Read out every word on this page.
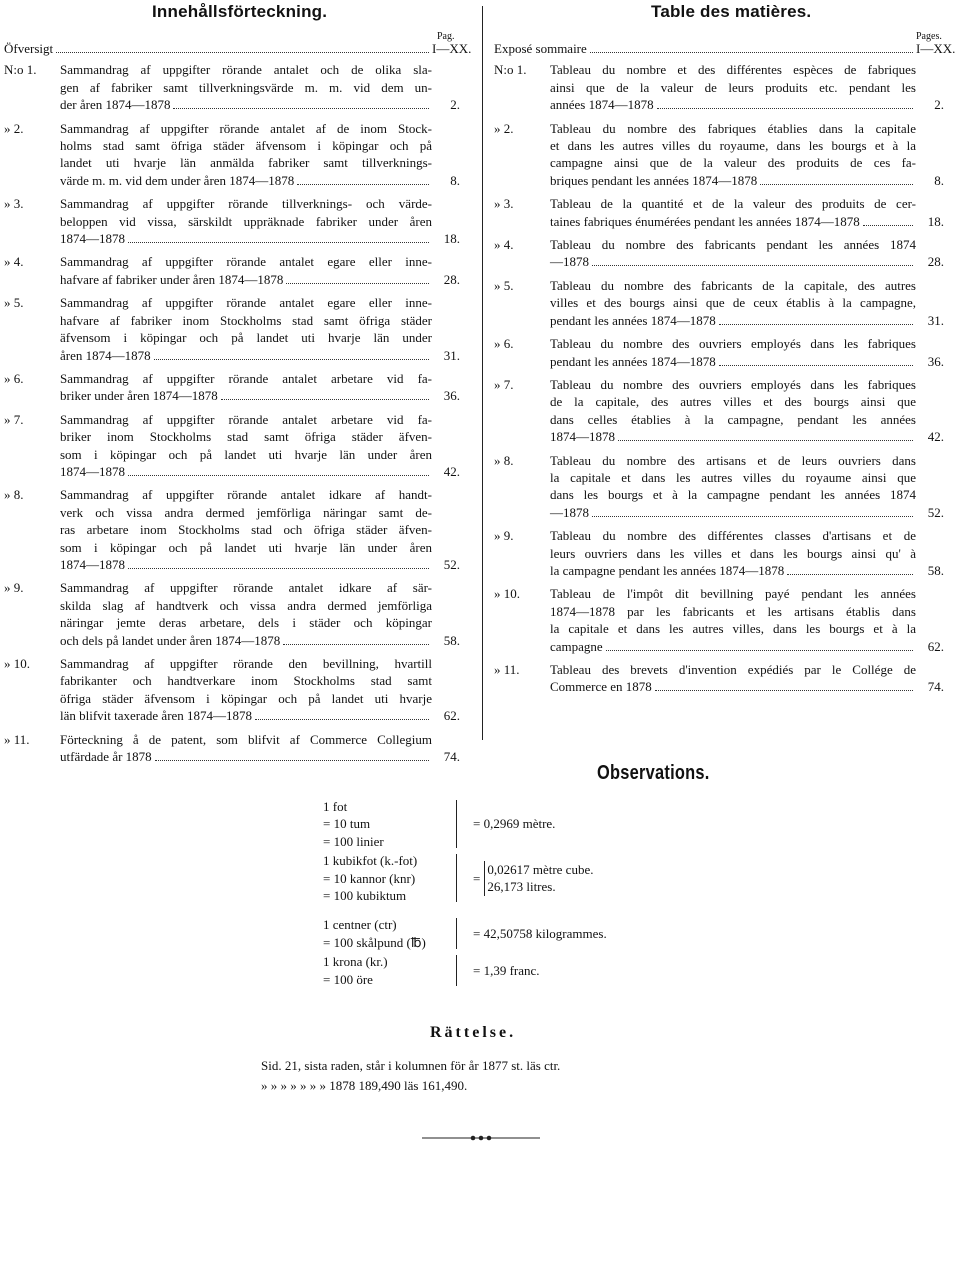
Innehållsförteckning.
Pag.
Öfversigt	I—XX.
N:o 1.	Sammandrag af uppgifter rörande antalet och de olika sla-
gen af fabriker samt tillverkningsvärde m. m. vid dem un-
der åren 1874—1878	2.
» 2.	Sammandrag af uppgifter rörande antalet af de inom Stock-
holms stad samt öfriga städer äfvensom i köpingar och på
landet uti hvarje län anmälda fabriker samt tillverknings-
värde m. m. vid dem under åren 1874—1878	8.
» 3.	Sammandrag af uppgifter rörande tillverknings- och värde-
beloppen vid vissa, särskildt uppräknade fabriker under åren
1874—1878	18.
» 4.	Sammandrag af uppgifter rörande antalet egare eller inne-
hafvare af fabriker under åren 1874—1878	28.
» 5.	Sammandrag af uppgifter rörande antalet egare eller inne-
hafvare af fabriker inom Stockholms stad samt öfriga städer
äfvensom i köpingar och på landet uti hvarje län under
åren 1874—1878	31.
» 6.	Sammandrag af uppgifter rörande antalet arbetare vid fa-
briker under åren 1874—1878	36.
» 7.	Sammandrag af uppgifter rörande antalet arbetare vid fa-
briker inom Stockholms stad samt öfriga städer äfven-
som i köpingar och på landet uti hvarje län under åren
1874—1878	42.
» 8.	Sammandrag af uppgifter rörande antalet idkare af handt-
verk och vissa andra dermed jemförliga näringar samt de-
ras arbetare inom Stockholms stad och öfriga städer äfven-
som i köpingar och på landet uti hvarje län under åren
1874—1878	52.
» 9.	Sammandrag af uppgifter rörande antalet idkare af sär-
skilda slag af handtverk och vissa andra dermed jemförliga
näringar jemte deras arbetare, dels i städer och köpingar
och dels på landet under åren 1874—1878	58.
» 10.	Sammandrag af uppgifter rörande den bevillning, hvartill
fabrikanter och handtverkare inom Stockholms stad samt
öfriga städer äfvensom i köpingar och på landet uti hvarje
län blifvit taxerade åren 1874—1878	62.
» 11.	Förteckning å de patent, som blifvit af Commerce Collegium
utfärdade år 1878	74.
Table des matières.
Pages.
Exposé sommaire	I—XX.
N:o 1.	Tableau du nombre et des différentes espèces de fabriques
ainsi que de la valeur de leurs produits etc. pendant les
années 1874—1878	2.
» 2.	Tableau du nombre des fabriques établies dans la capitale
et dans les autres villes du royaume, dans les bourgs et à la
campagne ainsi que de la valeur des produits de ces fa-
briques pendant les années 1874—1878	8.
» 3.	Tableau de la quantité et de la valeur des produits de cer-
taines fabriques énumérées pendant les années 1874—1878	18.
» 4.	Tableau du nombre des fabricants pendant les années 1874
—1878	28.
» 5.	Tableau du nombre des fabricants de la capitale, des autres
villes et des bourgs ainsi que de ceux établis à la campagne,
pendant les années 1874—1878	31.
» 6.	Tableau du nombre des ouvriers employés dans les fabriques
pendant les années 1874—1878	36.
» 7.	Tableau du nombre des ouvriers employés dans les fabriques
de la capitale, des autres villes et des bourgs ainsi que
dans celles établies à la campagne, pendant les années
1874—1878	42.
» 8.	Tableau du nombre des artisans et de leurs ouvriers dans
la capitale et dans les autres villes du royaume ainsi que
dans les bourgs et à la campagne pendant les années 1874
—1878	52.
» 9.	Tableau du nombre des différentes classes d'artisans et de
leurs ouvriers dans les villes et dans les bourgs ainsi qu' à
la campagne pendant les années 1874—1878	58.
» 10.	Tableau de l'impôt dit bevillning payé pendant les années
1874—1878 par les fabricants et les artisans établis dans
la capitale et dans les autres villes, dans les bourgs et à la
campagne	62.
» 11.	Tableau des brevets d'invention expédiés par le Collége de
Commerce en 1878	74.
Observations.
1 fot
= 10 tum
= 100 linier
= 0,2969 mètre.
1 kubikfot (k.-fot)
= 10 kannor (knr)
= 100 kubiktum
=
0,02617 mètre cube.
26,173 litres.
1 centner (ctr)
= 100 skålpund (℔)
= 42,50758 kilogrammes.
1 krona (kr.)
= 100 öre
= 1,39 franc.
Rättelse.
Sid. 21, sista raden, står i kolumnen för år 1877 st. läs ctr.
» » » » » » » 1878 189,490 läs 161,490.
